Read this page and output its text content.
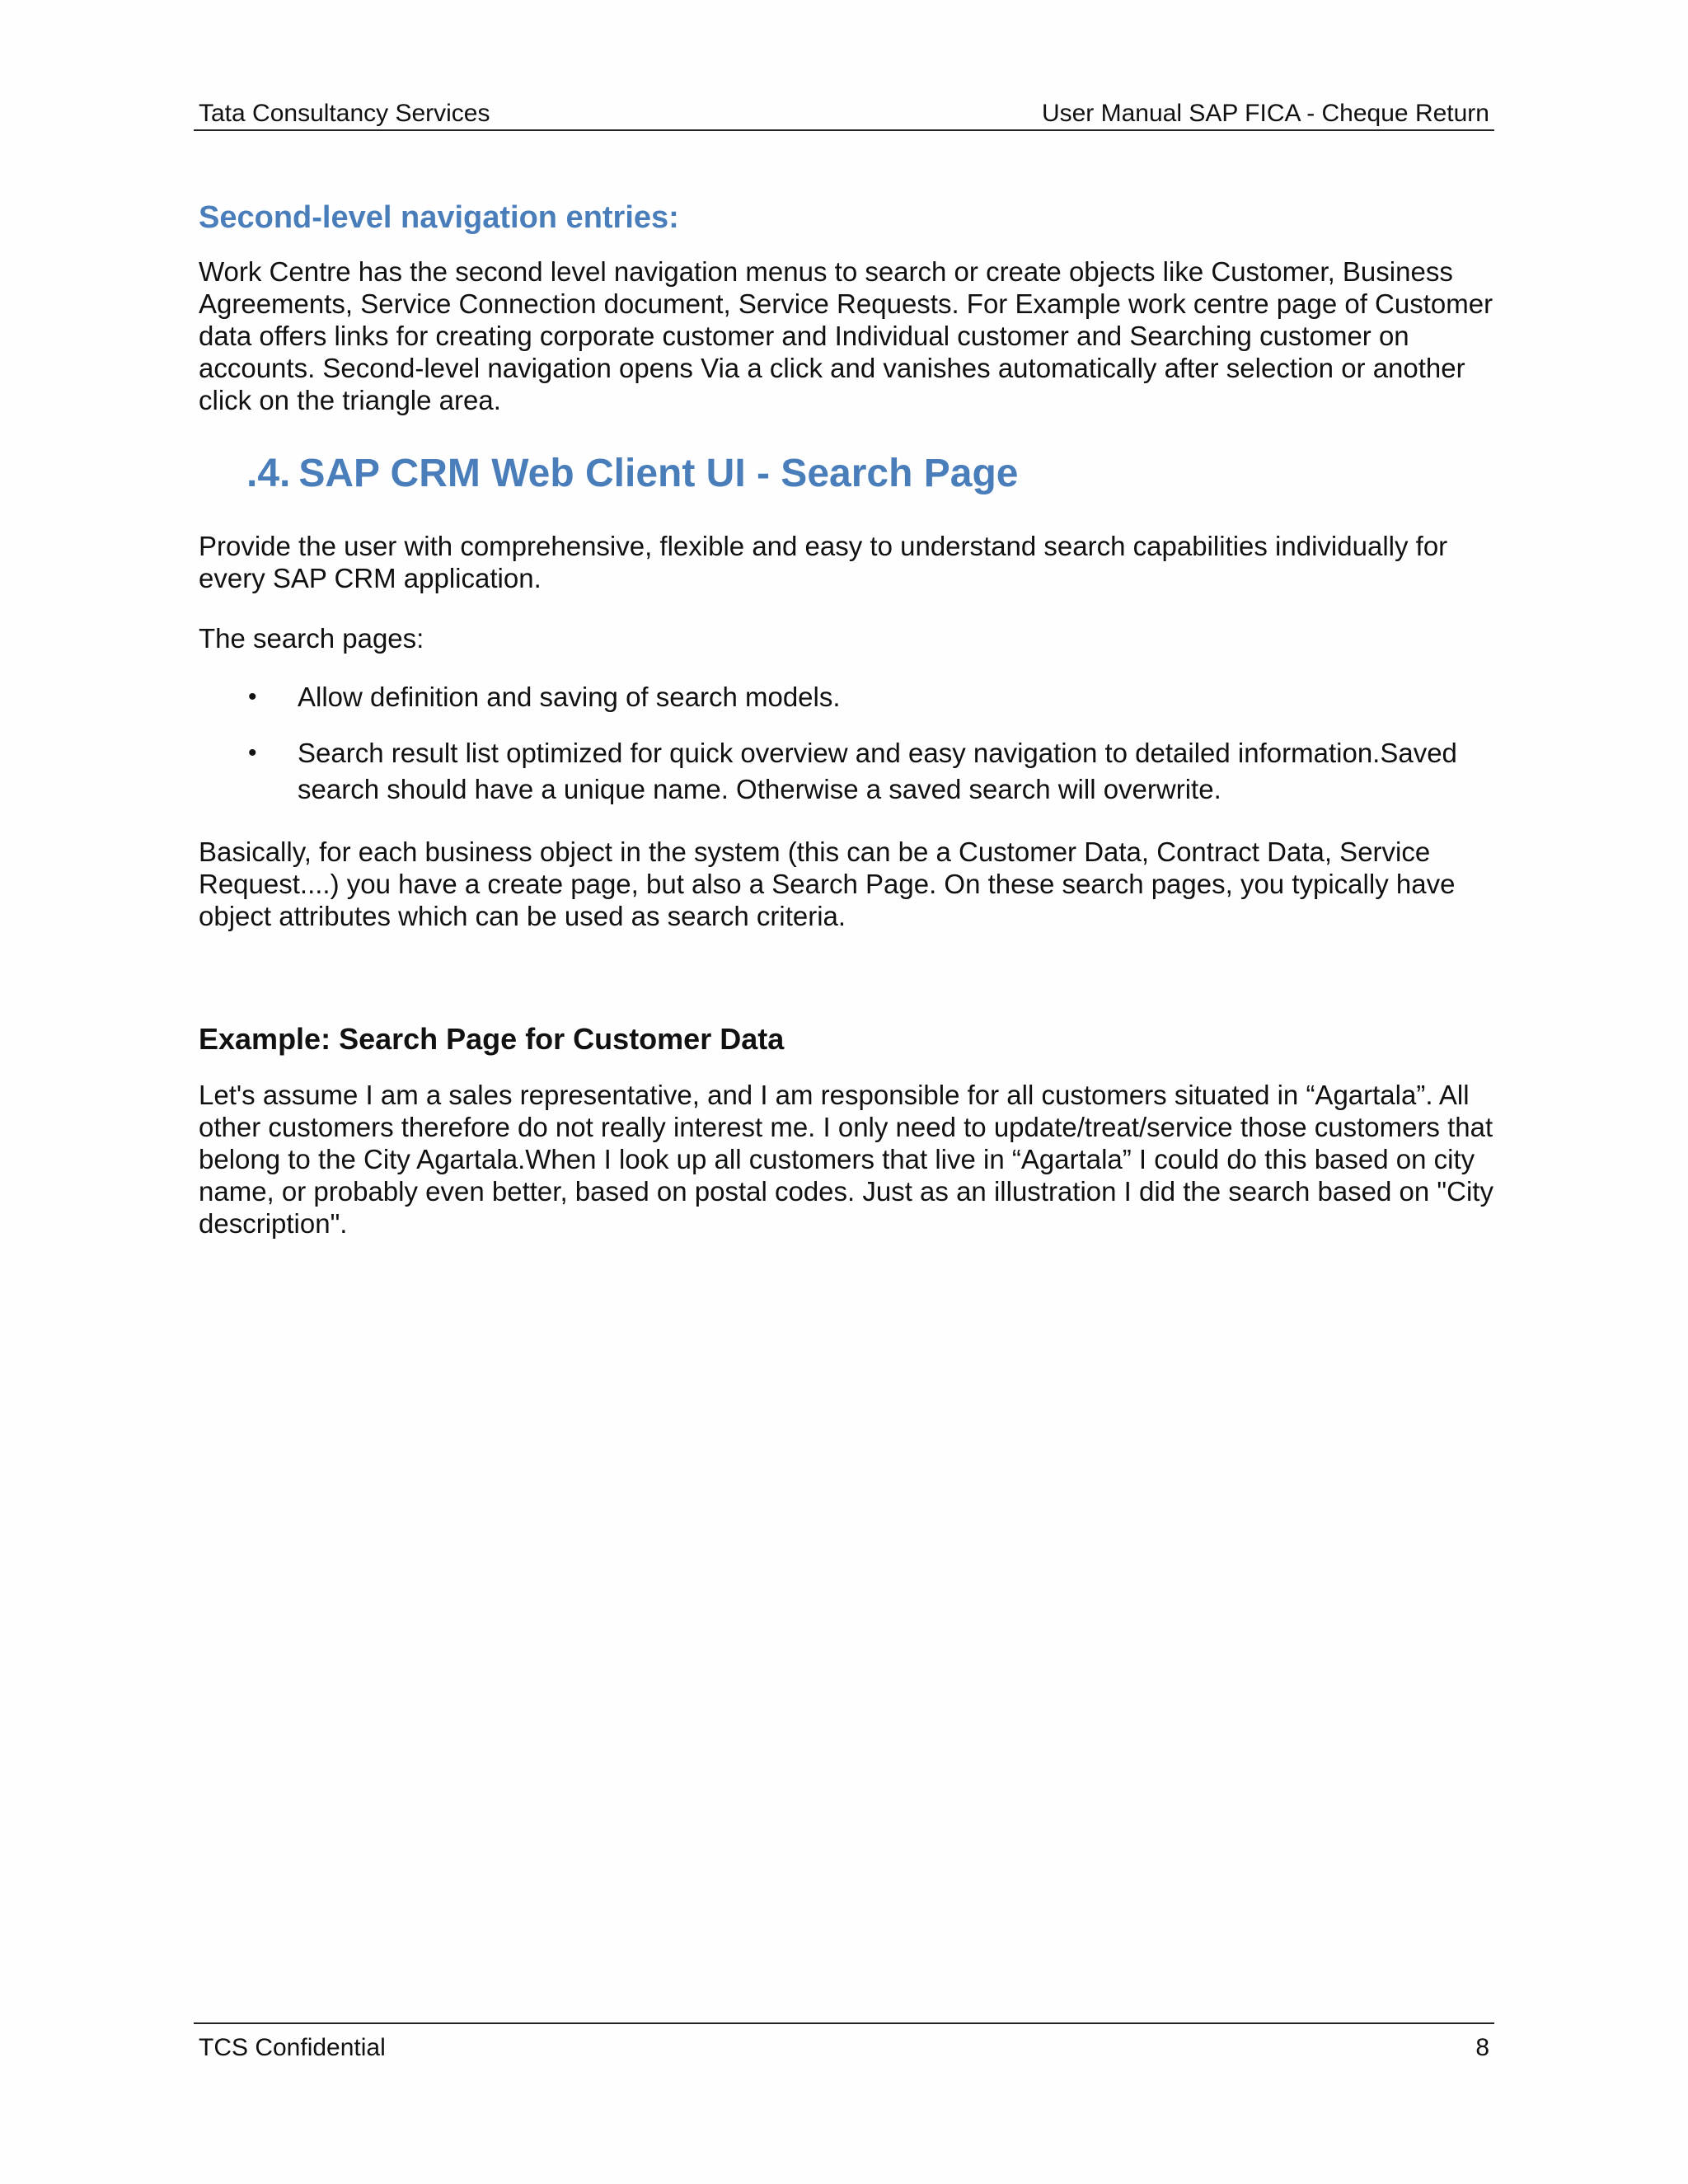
Tata Consultancy Services	User Manual SAP FICA - Cheque Return
Second-level navigation entries:

Work Centre has the second level navigation menus to search or create objects like Customer, Business Agreements, Service Connection document, Service Requests. For Example work centre page of Customer data offers links for creating corporate customer and Individual customer and Searching customer on accounts. Second-level navigation opens Via a click and vanishes automatically after selection or another click on the triangle area.

.4. SAP CRM Web Client UI - Search Page

Provide the user with comprehensive, flexible and easy to understand search capabilities individually for every SAP CRM application.

The search pages:

• Allow definition and saving of search models.
• Search result list optimized for quick overview and easy navigation to detailed information.Saved search should have a unique name. Otherwise a saved search will overwrite.

Basically, for each business object in the system (this can be a Customer Data, Contract Data, Service Request....) you have a create page, but also a Search Page. On these search pages, you typically have object attributes which can be used as search criteria.

Example: Search Page for Customer Data

Let's assume I am a sales representative, and I am responsible for all customers situated in “Agartala”. All other customers therefore do not really interest me. I only need to update/treat/service those customers that belong to the City Agartala.When I look up all customers that live in “Agartala” I could do this based on city name, or probably even better, based on postal codes. Just as an illustration I did the search based on "City description".

TCS Confidential	8
